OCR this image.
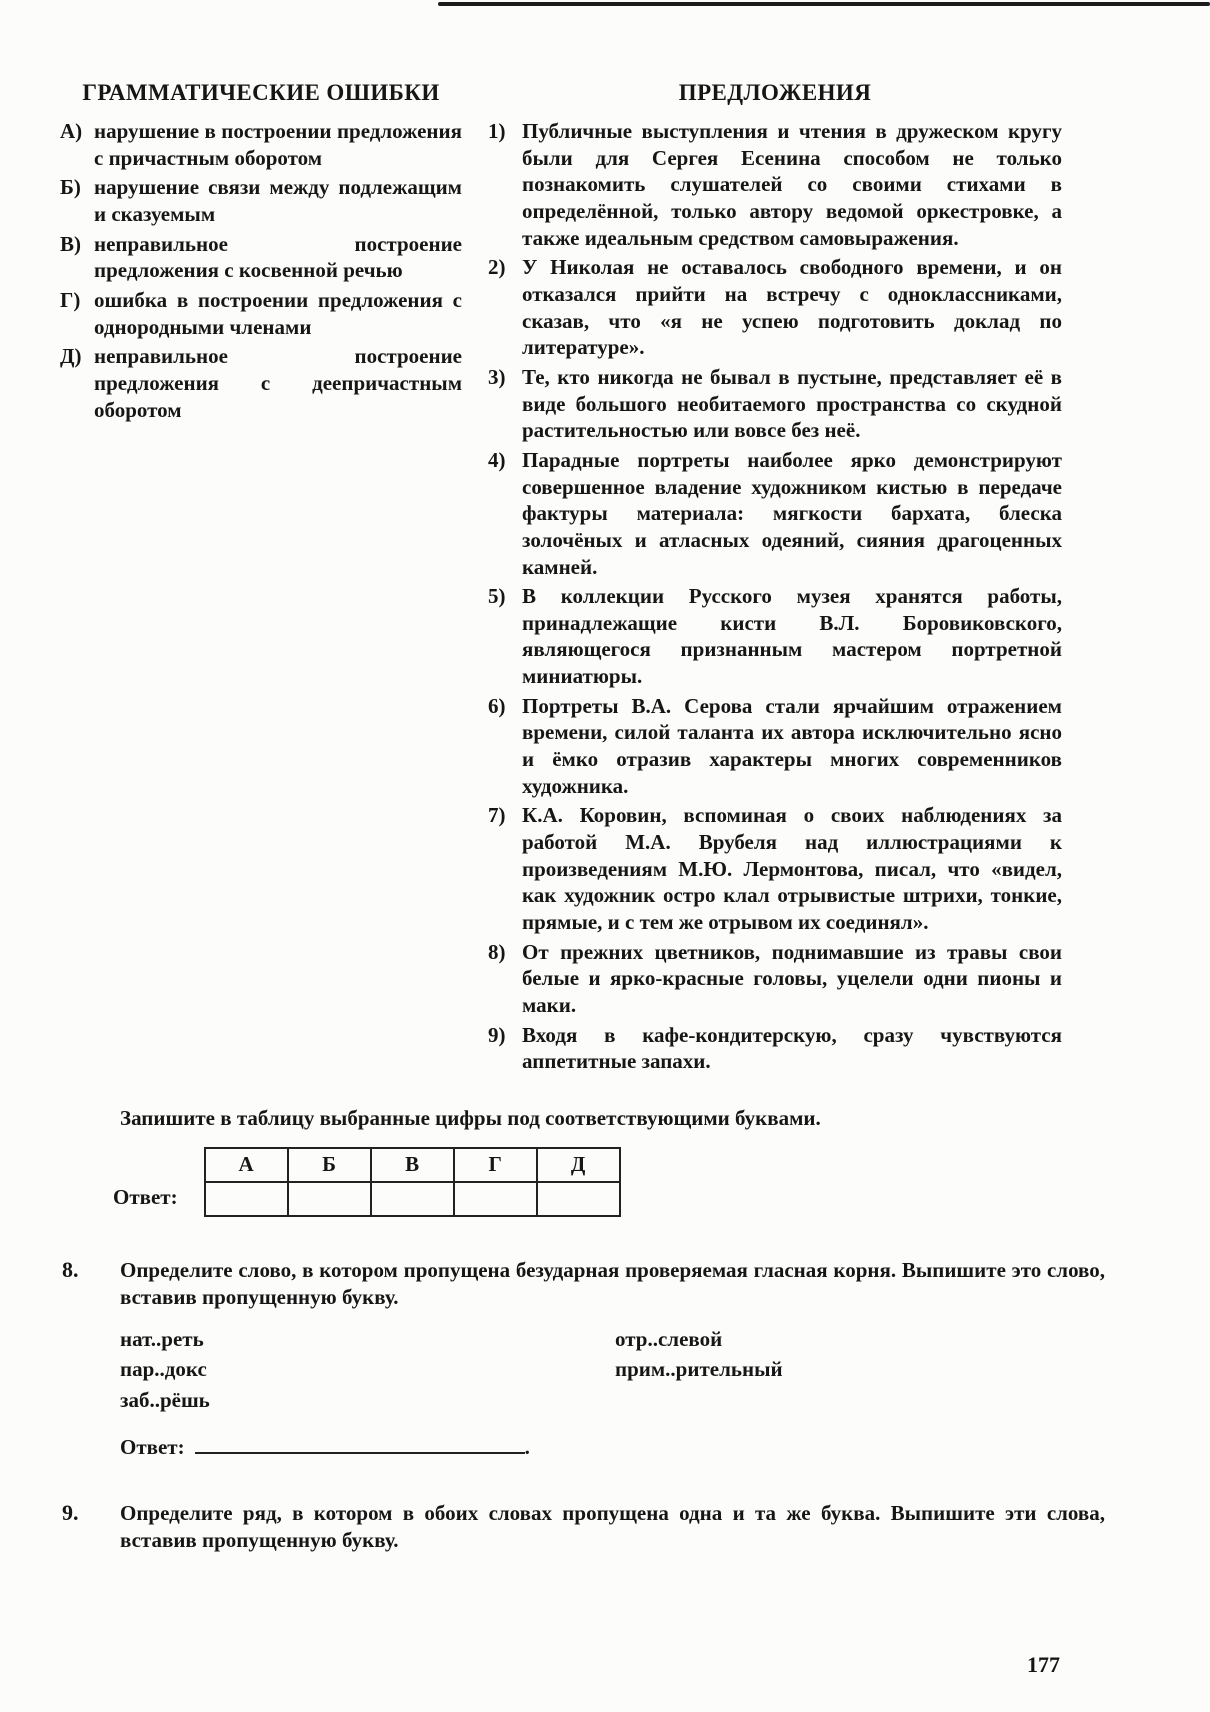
ГРАММАТИЧЕСКИЕ ОШИБКИ
А) нарушение в построении предложения с причастным оборотом
Б) нарушение связи между подлежащим и сказуемым
В) неправильное построение предложения с косвенной речью
Г) ошибка в построении предложения с однородными членами
Д) неправильное построение предложения с деепричастным оборотом
ПРЕДЛОЖЕНИЯ
1) Публичные выступления и чтения в дружеском кругу были для Сергея Есенина способом не только познакомить слушателей со своими стихами в определённой, только автору ведомой оркестровке, а также идеальным средством самовыражения.
2) У Николая не оставалось свободного времени, и он отказался прийти на встречу с одноклассниками, сказав, что «я не успею подготовить доклад по литературе».
3) Те, кто никогда не бывал в пустыне, представляет её в виде большого необитаемого пространства со скудной растительностью или вовсе без неё.
4) Парадные портреты наиболее ярко демонстрируют совершенное владение художником кистью в передаче фактуры материала: мягкости бархата, блеска золочёных и атласных одеяний, сияния драгоценных камней.
5) В коллекции Русского музея хранятся работы, принадлежащие кисти В.Л. Боровиковского, являющегося признанным мастером портретной миниатюры.
6) Портреты В.А. Серова стали ярчайшим отражением времени, силой таланта их автора исключительно ясно и ёмко отразив характеры многих современников художника.
7) К.А. Коровин, вспоминая о своих наблюдениях за работой М.А. Врубеля над иллюстрациями к произведениям М.Ю. Лермонтова, писал, что «видел, как художник остро клал отрывистые штрихи, тонкие, прямые, и с тем же отрывом их соединял».
8) От прежних цветников, поднимавшие из травы свои белые и ярко-красные головы, уцелели одни пионы и маки.
9) Входя в кафе-кондитерскую, сразу чувствуются аппетитные запахи.
Запишите в таблицу выбранные цифры под соответствующими буквами.
Ответ:
А	Б	В	Г	Д

8.	Определите слово, в котором пропущена безударная проверяемая гласная корня. Выпишите это слово, вставив пропущенную букву.
нат..реть
пар..докс
заб..рёшь
отр..слевой
прим..рительный
Ответ:	.
9.	Определите ряд, в котором в обоих словах пропущена одна и та же буква. Выпишите эти слова, вставив пропущенную букву.
177
